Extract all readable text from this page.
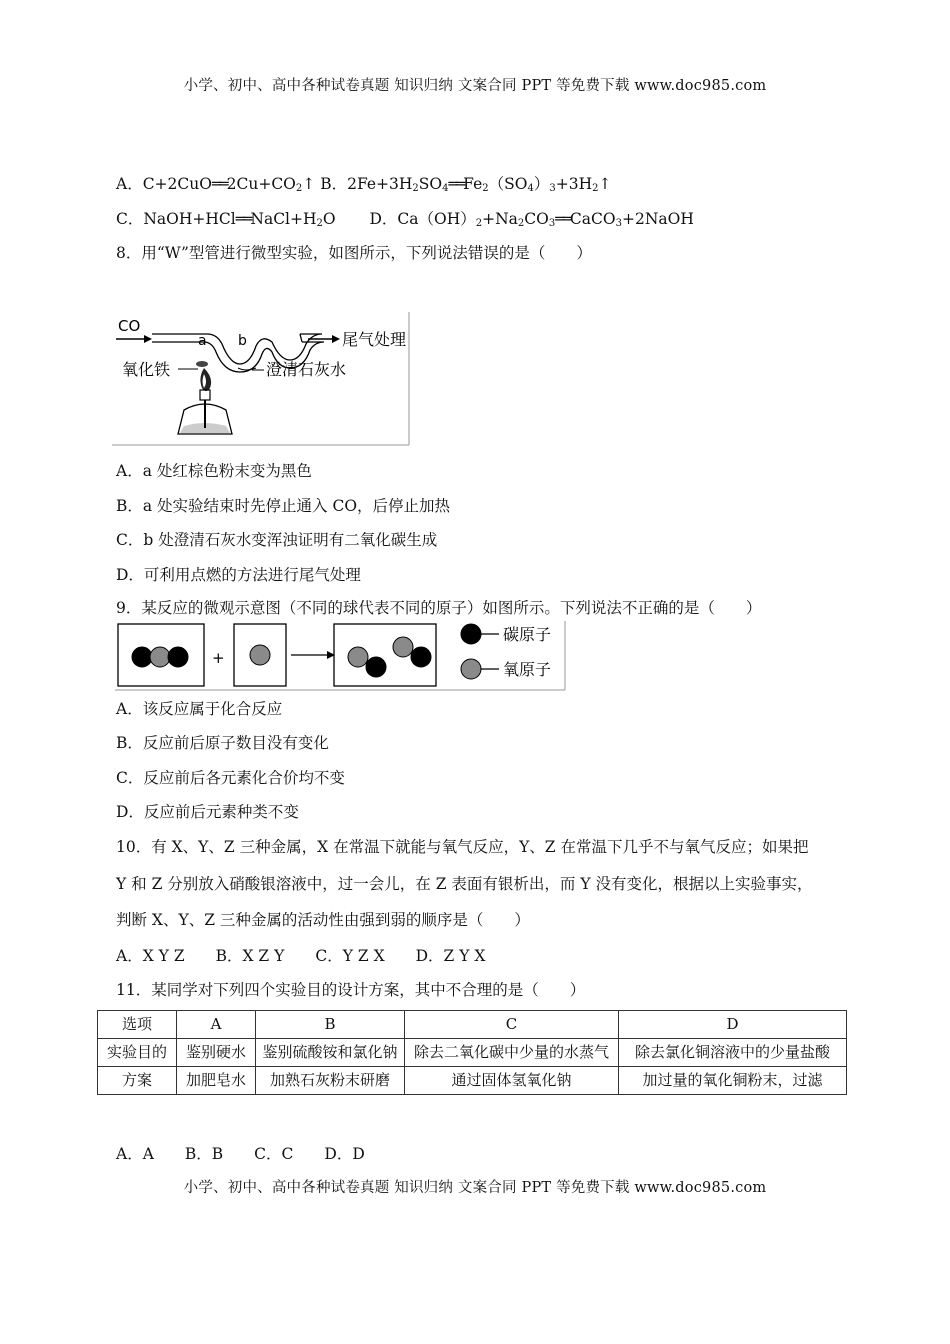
小学、初中、高中各种试卷真题 知识归纳 文案合同 PPT 等免费下载 www.doc985.com
A．$C+2CuO══2Cu+CO_2↑$ B．$2Fe+3H_2SO_4══Fe_2(SO_4)_3+3H_2↑$
C．$NaOH+HCl══NaCl+H_2O$ D．$Ca(OH)_2+Na_2CO_3══CaCO_3+2NaOH$
8．用“W”型管进行微型实验，如图所示，下列说法错误的是（　　）
CO
a b	尾气处理
氧化铁	澄清石灰水
A．a 处红棕色粉末变为黑色
B．a 处实验结束时先停止通入 CO，后停止加热
C．b 处澄清石灰水变浑浊证明有二氧化碳生成
D．可利用点燃的方法进行尾气处理
9．某反应的微观示意图（不同的球代表不同的原子）如图所示。下列说法不正确的是（　　）
+
碳原子
氧原子
A．该反应属于化合反应
B．反应前后原子数目没有变化
C．反应前后各元素化合价均不变
D．反应前后元素种类不变
10．有 X、Y、Z 三种金属，X 在常温下就能与氧气反应，Y、Z 在常温下几乎不与氧气反应；如果把
Y 和 Z 分别放入硝酸银溶液中，过一会儿，在 Z 表面有银析出，而 Y 没有变化，根据以上实验事实，
判断 X、Y、Z 三种金属的活动性由强到弱的顺序是（　　）
A．X Y Z　　B．X Z Y　　C．Y Z X　　D．Z Y X
11．某同学对下列四个实验目的设计方案，其中不合理的是（　　）
选项	A	B	C	D
实验目的	鉴别硬水	鉴别硫酸铵和氯化钠	除去二氧化碳中少量的水蒸气	除去氯化铜溶液中的少量盐酸
方案	加肥皂水	加熟石灰粉末研磨	通过固体氢氧化钠	加过量的氧化铜粉末，过滤
A．A　　B．B　　C．C　　D．D
小学、初中、高中各种试卷真题 知识归纳 文案合同 PPT 等免费下载 www.doc985.com
